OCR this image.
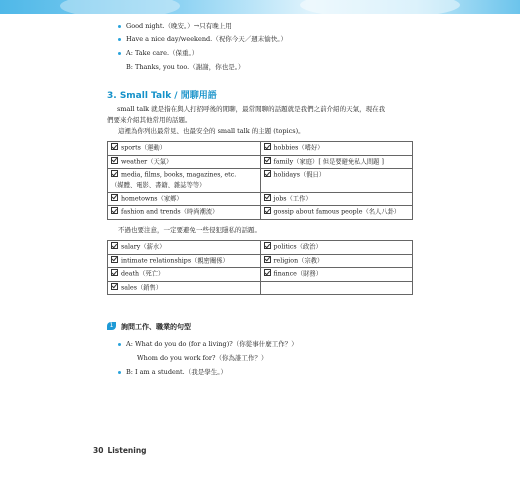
Good night.（晚安。）→只有晚上用
Have a nice day/weekend.（祝你今天／週末愉快。）
A: Take care.（保重。）
B: Thanks, you too.（謝謝，你也是。）
3. Small Talk / 閒聊用語
small talk 就是指在與人打招呼後的閒聊，最常閒聊的話題就是我們之前介紹的天氣，現在我
們要來介紹其他常用的話題。
這裡為你列出最常見、也最安全的 small talk 的主題 (topics)。
sports（運動）	hobbies（嗜好）
weather（天氣）	family（家庭）[ 但是要避免私人問題 ]
media, films, books, magazines, etc.
（媒體、電影、書籍、雜誌等等）	holidays（假日）
hometowns（家鄉）	jobs（工作）
fashion and trends（時尚潮流）	gossip about famous people（名人八卦）
不過也要注意，一定要避免一些侵犯隱私的話題。
salary（薪水）	politics（政治）
intimate relationships（親密關係）	religion（宗教）
death（死亡）	finance（財務）
sales（銷售）	
1	詢問工作、職業的句型
A: What do you do (for a living)?（你從事什麼工作？）
Whom do you work for?（你為誰工作？）
B: I am a student.（我是學生。）
30 Listening
